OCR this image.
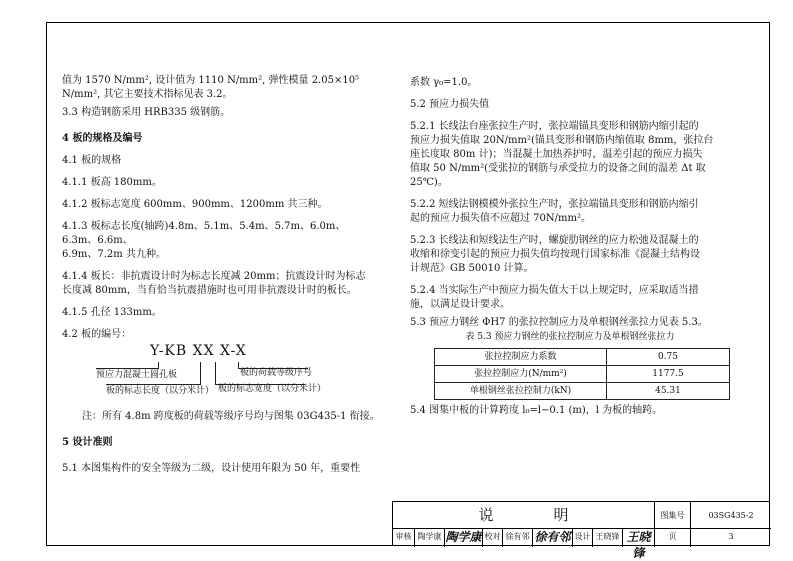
值为 1570 N/mm², 设计值为 1110 N/mm², 弹性模量 2.05×10⁵

N/mm², 其它主要技术指标见表 3.2。

3.3 构造钢筋采用 HRB335 级钢筋。

4 板的规格及编号

4.1 板的规格

4.1.1 板高 180mm。

4.1.2 板标志宽度 600mm、900mm、1200mm 共三种。

4.1.3 板标志长度(轴跨)4.8m、5.1m、5.4m、5.7m、6.0m、6.3m、6.6m、

6.9m、7.2m 共九种。

4.1.4 板长：非抗震设计时为标志长度减 20mm；抗震设计时为标志

长度减 80mm，当有恰当抗震措施时也可用非抗震设计时的板长。

4.1.5 孔径 133mm。

4.2 板的编号：

Y-KB XX X-X
预应力混凝土圆孔板
板的标志长度（以分米计）
板的荷载等级序号
板的标志宽度（以分米计）

注：所有 4.8m 跨度板的荷载等级序号均与图集 03G435-1 衔接。

5 设计准则

5.1 本图集构件的安全等级为二级，设计使用年限为 50 年，重要性

系数 γ₀=1.0。

5.2 预应力损失值

5.2.1 长线法台座张拉生产时，张拉端锚具变形和钢筋内缩引起的

预应力损失值取 20N/mm²(锚具变形和钢筋内缩值取 8mm，张拉台

座长度取 80m 计)；当混凝土加热养护时，温差引起的预应力损失

值取 50 N/mm²(受张拉的钢筋与承受拉力的设备之间的温差 Δt 取

25℃)。

5.2.2 短线法钢模模外张拉生产时，张拉端锚具变形和钢筋内缩引

起的预应力损失值不应超过 70N/mm²。

5.2.3 长线法和短线法生产时，螺旋肋钢丝的应力松弛及混凝土的

收缩和徐变引起的预应力损失值均按现行国家标准《混凝土结构设

计规范》GB 50010 计算。

5.2.4 当实际生产中预应力损失值大于以上规定时，应采取适当措

施，以满足设计要求。

5.3 预应力钢丝 ΦH7 的张拉控制应力及单根钢丝张拉力见表 5.3。

表 5.3 预应力钢丝的张拉控制应力及单根钢丝张拉力

张拉控制应力系数	0.75
张拉控制应力(N/mm²)	1177.5
单根钢丝张拉控制力(kN)	45.31

5.4 图集中板的计算跨度 l₀=l−0.1 (m)，l 为板的轴跨。

说明	图集号	03SG435-2
审核 陶学康 陶学康 校对 徐有邻 徐有邻 设计 王晓锋 王晓锋
页	3
